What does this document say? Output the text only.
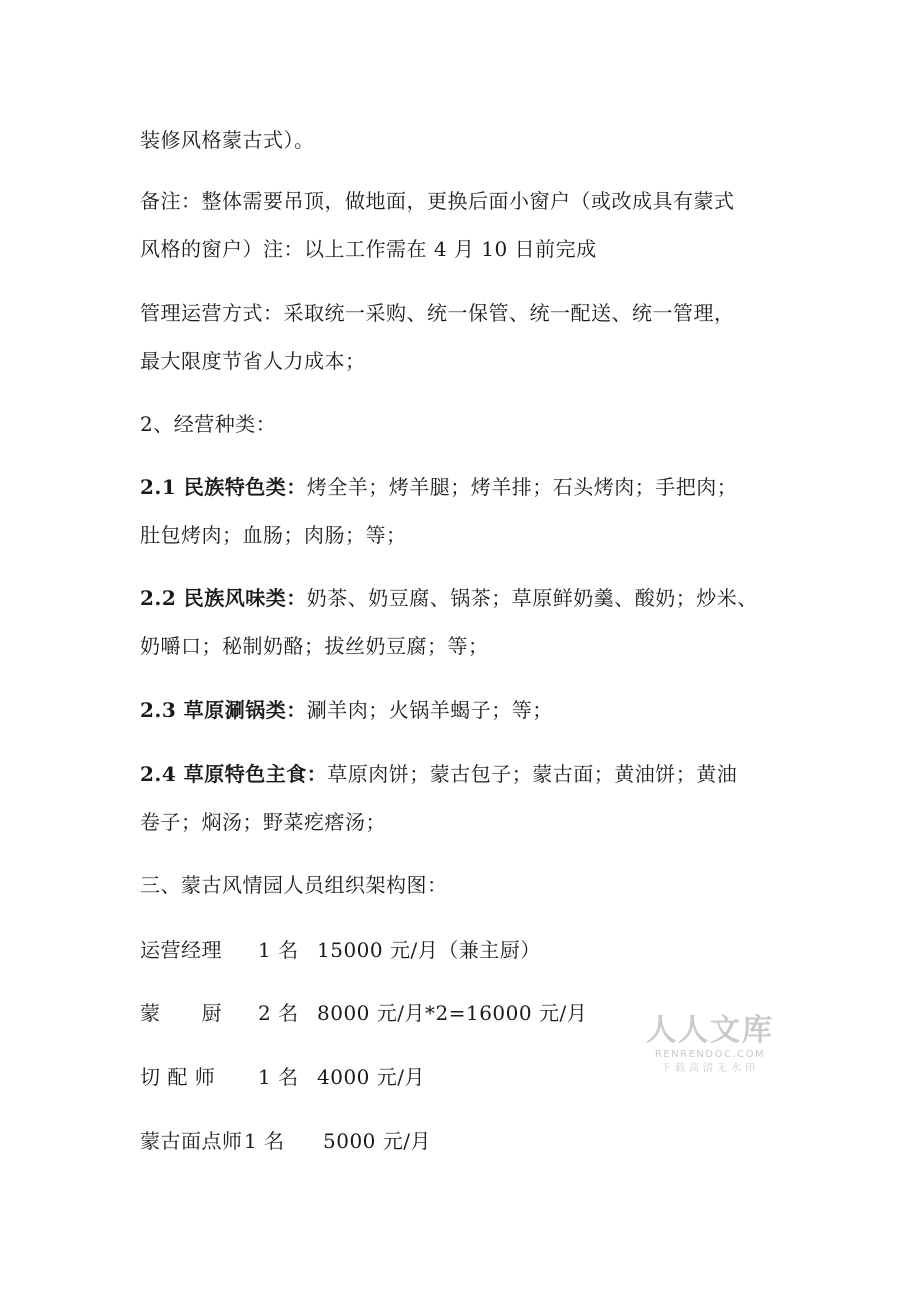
装修风格蒙古式）。
备注：整体需要吊顶，做地面，更换后面小窗户（或改成具有蒙式
风格的窗户）注：以上工作需在 4 月 10 日前完成
管理运营方式：采取统一采购、统一保管、统一配送、统一管理，
最大限度节省人力成本；
2、经营种类：
2.1 民族特色类：烤全羊；烤羊腿；烤羊排；石头烤肉；手把肉；
肚包烤肉；血肠；肉肠；等；
2.2 民族风味类：奶茶、奶豆腐、锅茶；草原鲜奶羹、酸奶；炒米、
奶嚼口；秘制奶酪；拔丝奶豆腐；等；
2.3 草原涮锅类：涮羊肉；火锅羊蝎子；等；
2.4 草原特色主食：草原肉饼；蒙古包子；蒙古面；黄油饼；黄油
卷子；焖汤；野菜疙瘩汤；
三、蒙古风情园人员组织架构图：
运营经理 1 名 15000 元/月（兼主厨）
蒙　　厨 2 名 8000 元/月*2=16000 元/月
切 配 师 1 名 4000 元/月
蒙古面点师 1 名 5000 元/月
人人文库
RENRENDOC.COM
下载高清无水印
